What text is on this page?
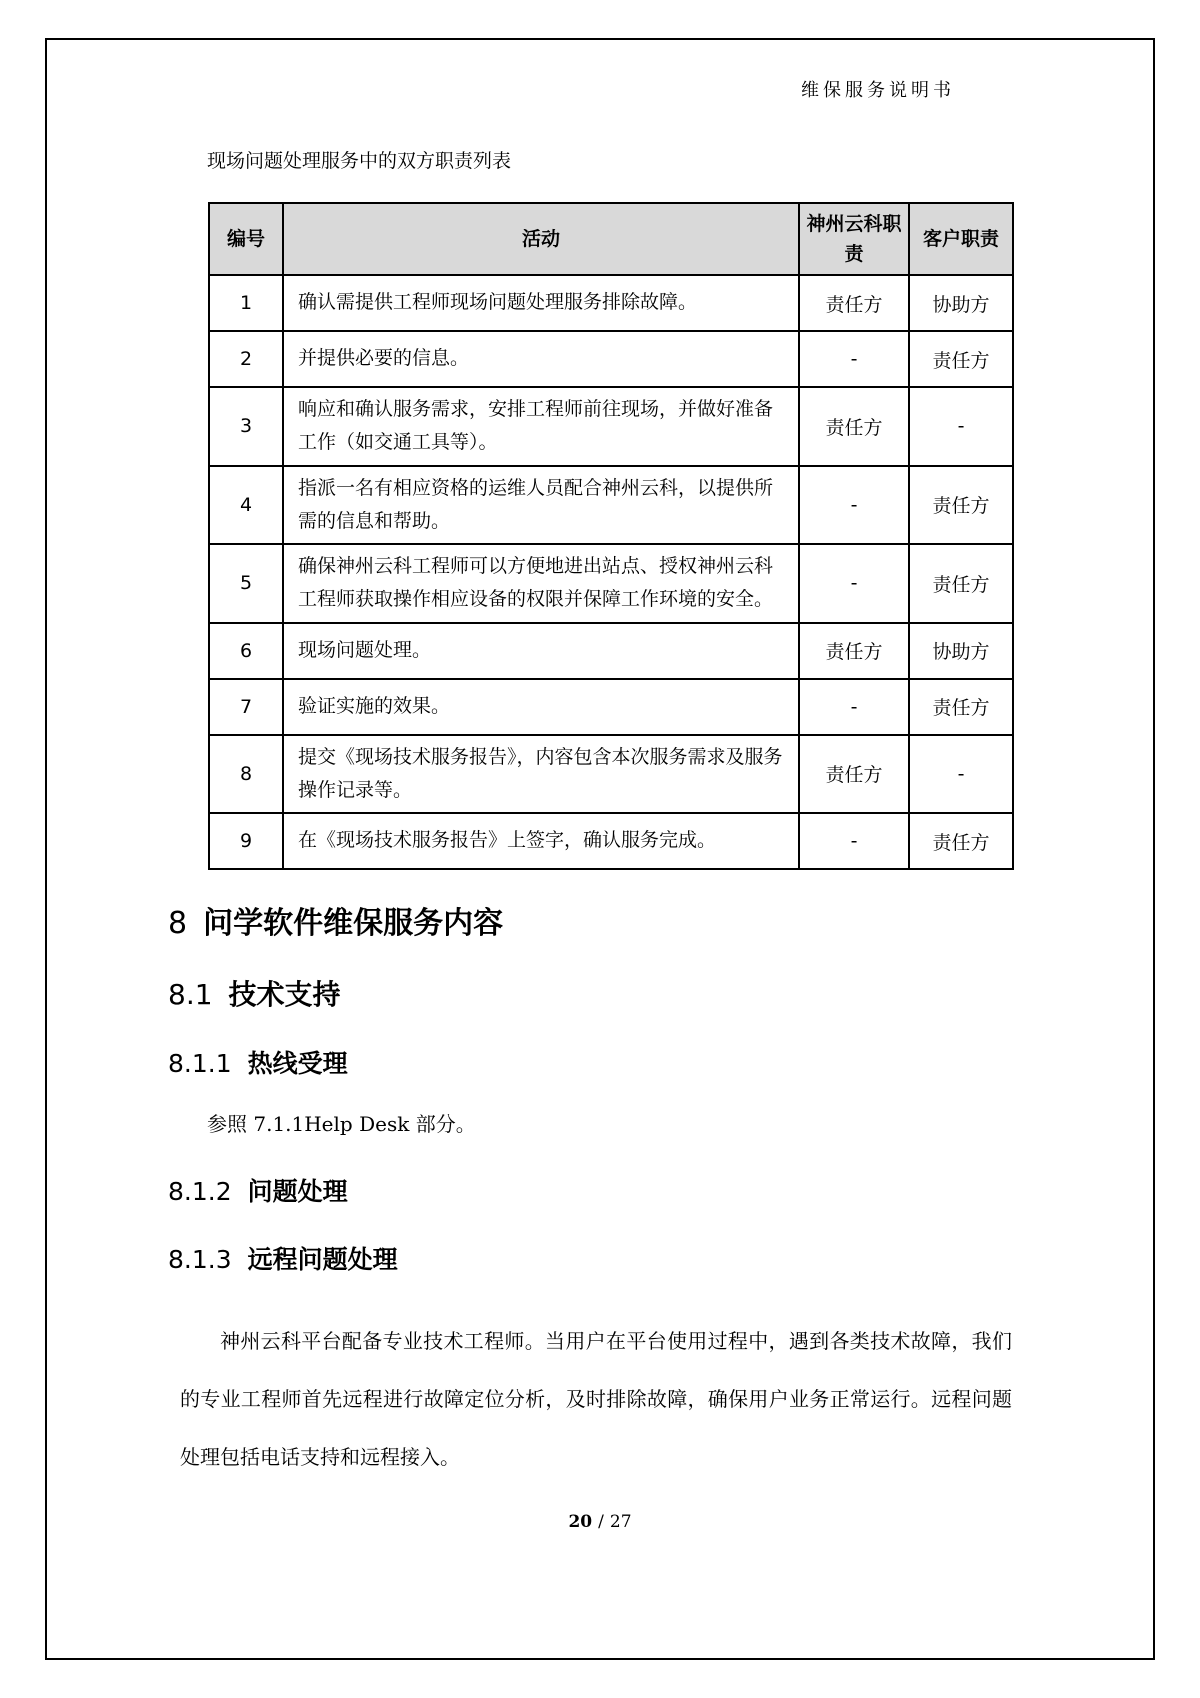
维保服务说明书
现场问题处理服务中的双方职责列表
编号	活动	神州云科职责	客户职责
1	确认需提供工程师现场问题处理服务排除故障。	责任方	协助方
2	并提供必要的信息。	-	责任方
3	响应和确认服务需求，安排工程师前往现场，并做好准备工作（如交通工具等）。	责任方	-
4	指派一名有相应资格的运维人员配合神州云科，以提供所需的信息和帮助。	-	责任方
5	确保神州云科工程师可以方便地进出站点、授权神州云科工程师获取操作相应设备的权限并保障工作环境的安全。	-	责任方
6	现场问题处理。	责任方	协助方
7	验证实施的效果。	-	责任方
8	提交《现场技术服务报告》，内容包含本次服务需求及服务操作记录等。	责任方	-
9	在《现场技术服务报告》上签字，确认服务完成。	-	责任方
8 问学软件维保服务内容
8.1 技术支持
8.1.1 热线受理
参照 7.1.1Help Desk 部分。
8.1.2 问题处理
8.1.3 远程问题处理
神州云科平台配备专业技术工程师。当用户在平台使用过程中，遇到各类技术故障，我们的专业工程师首先远程进行故障定位分析，及时排除故障，确保用户业务正常运行。远程问题处理包括电话支持和远程接入。
20 / 27
